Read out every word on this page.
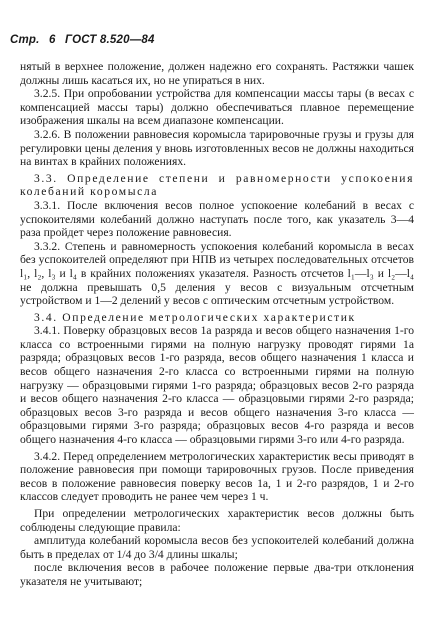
Стр. 6 ГОСТ 8.520—84

нятый в верхнее положение, должен надежно его сохранять. Растяжки чашек должны лишь касаться их, но не упираться в них.

3.2.5. При опробовании устройства для компенсации массы тары (в весах с компенсацией массы тары) должно обеспечиваться плавное перемещение изображения шкалы на всем диапазоне компенсации.

3.2.6. В положении равновесия коромысла тарировочные грузы и грузы для регулировки цены деления у вновь изготовленных весов не должны находиться на винтах в крайних положениях.

3.3. Определение степени и равномерности успокоения колебаний коромысла

3.3.1. После включения весов полное успокоение колебаний в весах с успокоителями колебаний должно наступать после того, как указатель 3—4 раза пройдет через положение равновесия.

3.3.2. Степень и равномерность успокоения колебаний коромысла в весах без успокоителей определяют при НПВ из четырех последовательных отсчетов l₁, l₂, l₃ и l₄ в крайних положениях указателя. Разность отсчетов l₁—l₃ и l₂—l₄ не должна превышать 0,5 деления у весов с визуальным отсчетным устройством и 1—2 делений у весов с оптическим отсчетным устройством.

3.4. Определение метрологических характеристик

3.4.1. Поверку образцовых весов 1а разряда и весов общего назначения 1-го класса со встроенными гирями на полную нагрузку проводят гирями 1а разряда; образцовых весов 1-го разряда, весов общего назначения 1 класса и весов общего назначения 2-го класса со встроенными гирями на полную нагрузку — образцовыми гирями 1-го разряда; образцовых весов 2-го разряда и весов общего назначения 2-го класса — образцовыми гирями 2-го разряда; образцовых весов 3-го разряда и весов общего назначения 3-го класса — образцовыми гирями 3-го разряда; образцовых весов 4-го разряда и весов общего назначения 4-го класса — образцовыми гирями 3-го или 4-го разряда.

3.4.2. Перед определением метрологических характеристик весы приводят в положение равновесия при помощи тарировочных грузов. После приведения весов в положение равновесия поверку весов 1а, 1 и 2-го разрядов, 1 и 2-го классов следует проводить не ранее чем через 1 ч.

При определении метрологических характеристик весов должны быть соблюдены следующие правила:

амплитуда колебаний коромысла весов без успокоителей колебаний должна быть в пределах от 1/4 до 3/4 длины шкалы;

после включения весов в рабочее положение первые два-три отклонения указателя не учитывают;
